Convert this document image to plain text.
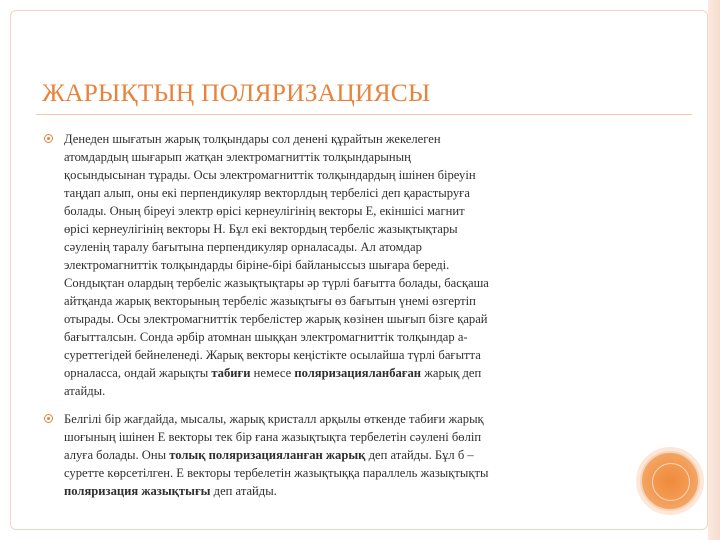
ЖАРЫҚТЫҢ ПОЛЯРИЗАЦИЯСЫ

Денеден шығатын жарық толқындары сол денені құрайтын жекелеген
атомдардың шығарып жатқан электромагниттік толқындарының
қосындысынан тұрады. Осы электромагниттік толқындардың ішінен біреуін
таңдап алып, оны екі перпендикуляр векторлдың тербелісі деп қарастыруға
болады. Оның біреуі электр өрісі кернеулігінің векторы Е, екіншісі магнит
өрісі кернеулігінің векторы Н. Бұл екі вектордың тербеліс жазықтықтары
сәуленің таралу бағытына перпендикуляр орналасады. Ал атомдар
электромагниттік толқындарды біріне-бірі байланыссыз шығара береді.
Сондықтан олардың тербеліс жазықтықтары әр түрлі бағытта болады, басқаша
айтқанда жарық векторының тербеліс жазықтығы өз бағытын үнемі өзгертіп
отырады. Осы электромагниттік тербелістер жарық көзінен шығып бізге қарай
бағытталсын. Сонда әрбір атомнан шыққан электромагниттік толқындар а-
суреттегідей бейнеленеді. Жарық векторы кеңістікте осылайша түрлі бағытта
орналасса, ондай жарықты табиғи немесе поляризацияланбаған жарық деп
атайды.

Белгілі бір жағдайда, мысалы, жарық кристалл арқылы өткенде табиғи жарық
шоғының ішінен Е векторы тек бір ғана жазықтықта тербелетін сәулені бөліп
алуға болады. Оны толық поляризацияланған жарық деп атайды. Бұл б –
суретте көрсетілген. Е векторы тербелетін жазықтыққа параллель жазықтықты
поляризация жазықтығы деп атайды.
